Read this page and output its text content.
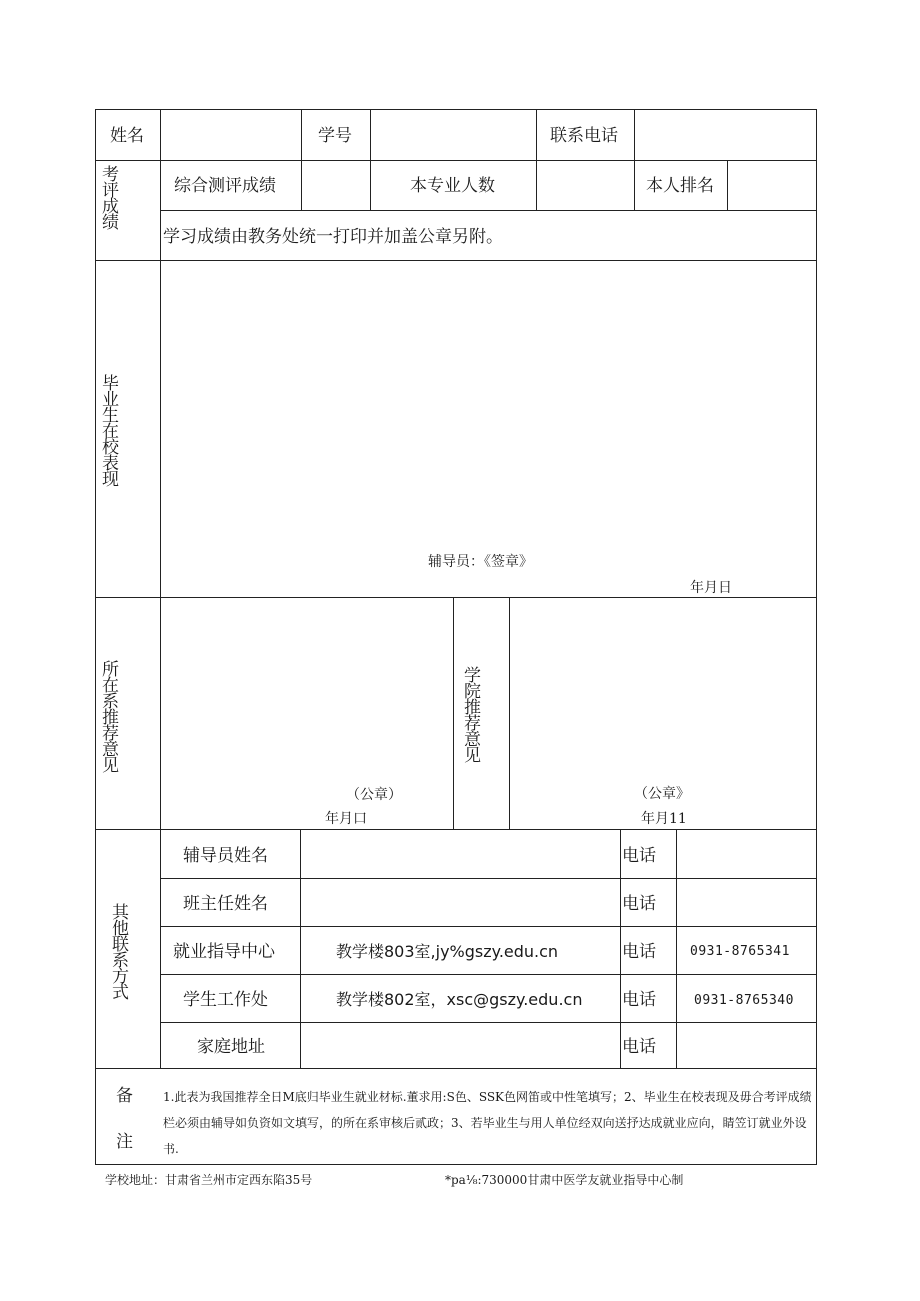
姓名	学号	联系电话
考评成绩	综合测评成绩	本专业人数	本人排名
学习成绩由教务处统一打印并加盖公章另附。
毕业生在校表现
辅导员：《签章》
年月日
所在系推荐意见
（公章）
年月口
学院推荐意见
（公章》
年月11
其他联系方式
辅导员姓名	电话
班主任姓名	电话
就业指导中心	教学楼803室,jy%gszy.edu.cn	电话	0931-8765341
学生工作处	教学楼802室，xsc@gszy.edu.cn 电话	0931-8765340
家庭地址	电话
备
注
1.此表为我国推荐全日M底归毕业生就业材标.董求用:S色、SSK色网笛或中性笔填写；2、毕业生在校表现及毋合考评成绩栏必须由辅导如负资如文填写，的所在系审核后贰政；3、若毕业生与用人单位经双向送抒达成就业应向，睛笠订就业外设书.
学校地址：甘肃省兰州市定西东陷35号	*pa⅛:730000甘肃中医学友就业指导中心制
